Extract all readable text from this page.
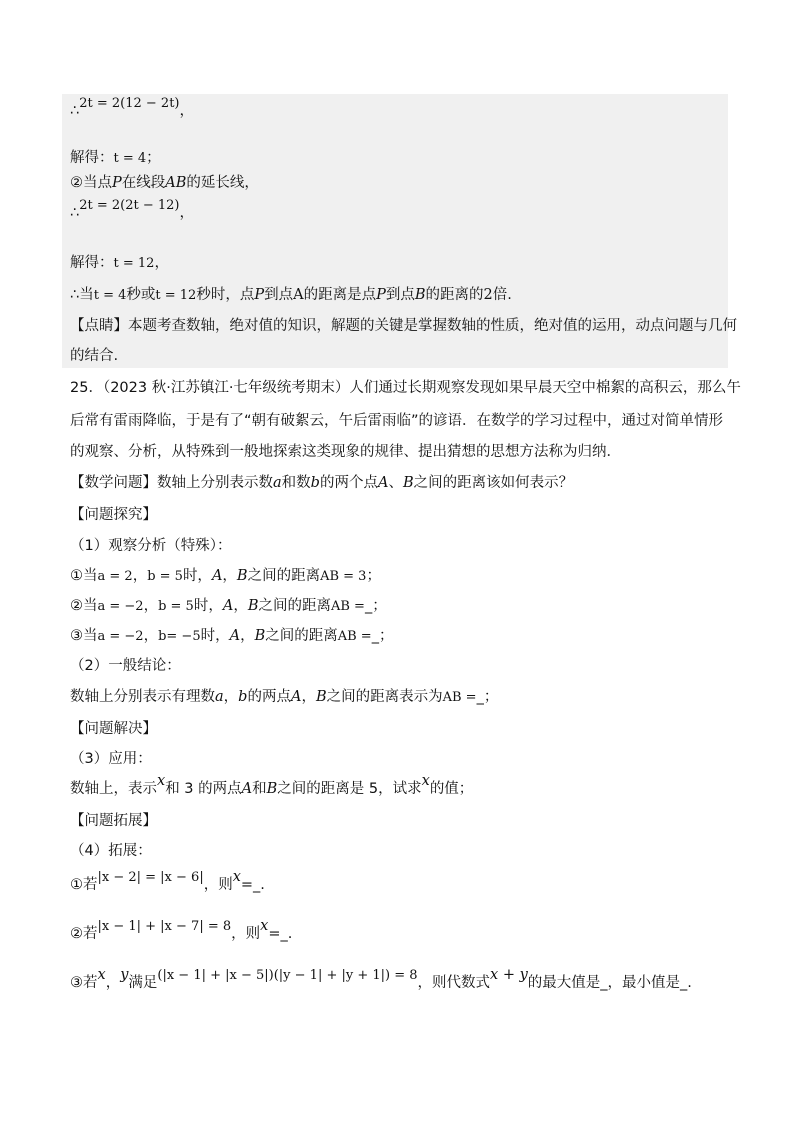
∴2t = 2(12 − 2t)，
解得：t = 4；
②当点P在线段AB的延长线，
∴2t = 2(2t − 12)，
解得：t = 12，
∴当t = 4秒或t = 12秒时，点P到点A的距离是点P到点B的距离的2倍.
【点睛】本题考查数轴，绝对值的知识，解题的关键是掌握数轴的性质，绝对值的运用，动点问题与几何
的结合.
25．（2023 秋·江苏镇江·七年级统考期末）人们通过长期观察发现如果早晨天空中棉絮的高积云，那么午
后常有雷雨降临，于是有了“朝有破絮云，午后雷雨临”的谚语．在数学的学习过程中，通过对简单情形
的观察、分析，从特殊到一般地探索这类现象的规律、提出猜想的思想方法称为归纳．
【数学问题】数轴上分别表示数a和数b的两个点A、B之间的距离该如何表示？
【问题探究】
（1）观察分析（特殊）：
①当a = 2，b = 5时，A，B之间的距离AB = 3；
②当a = −2，b = 5时，A，B之间的距离AB =_；
③当a = −2，b= −5时，A，B之间的距离AB =_；
（2）一般结论：
数轴上分别表示有理数a，b的两点A，B之间的距离表示为AB =_；
【问题解决】
（3）应用：
数轴上，表示x和 3 的两点A和B之间的距离是 5，试求x的值；
【问题拓展】
（4）拓展：
①若|x − 2| = |x − 6|，则x=_.
②若|x − 1| + |x − 7| = 8，则x=_.
③若x，y满足(|x − 1| + |x − 5|)(|y − 1| + |y + 1|) = 8，则代数式x + y的最大值是_，最小值是_.
